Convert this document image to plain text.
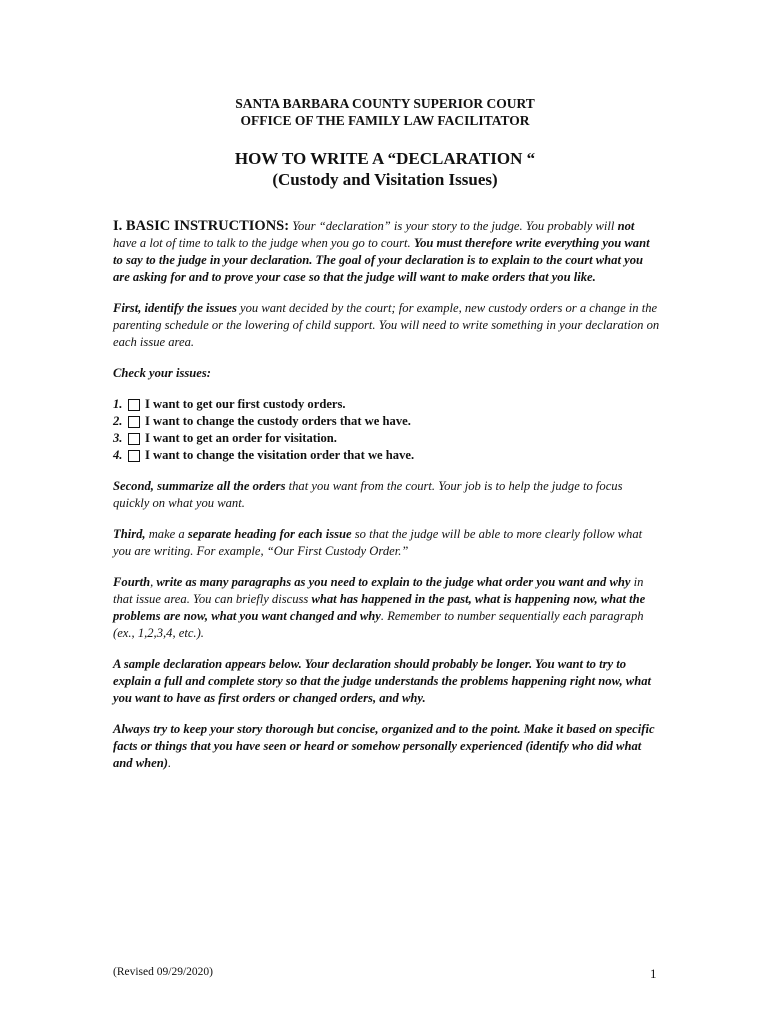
SANTA BARBARA COUNTY SUPERIOR COURT
OFFICE OF THE FAMILY LAW FACILITATOR
HOW TO WRITE A “DECLARATION “
(Custody and Visitation Issues)

I. BASIC INSTRUCTIONS: Your “declaration” is your story to the judge. You probably will not have a lot of time to talk to the judge when you go to court. You must therefore write everything you want to say to the judge in your declaration. The goal of your declaration is to explain to the court what you are asking for and to prove your case so that the judge will want to make orders that you like.

First, identify the issues you want decided by the court; for example, new custody orders or a change in the parenting schedule or the lowering of child support. You will need to write something in your declaration on each issue area.

Check your issues:

1.	I want to get our first custody orders.
2.	I want to change the custody orders that we have.
3.	I want to get an order for visitation.
4.	I want to change the visitation order that we have.

Second, summarize all the orders that you want from the court. Your job is to help the judge to focus quickly on what you want.

Third, make a separate heading for each issue so that the judge will be able to more clearly follow what you are writing. For example, “Our First Custody Order.”

Fourth, write as many paragraphs as you need to explain to the judge what order you want and why in that issue area. You can briefly discuss what has happened in the past, what is happening now, what the problems are now, what you want changed and why. Remember to number sequentially each paragraph (ex., 1,2,3,4, etc.).

A sample declaration appears below. Your declaration should probably be longer. You want to try to explain a full and complete story so that the judge understands the problems happening right now, what you want to have as first orders or changed orders, and why.

Always try to keep your story thorough but concise, organized and to the point. Make it based on specific facts or things that you have seen or heard or somehow personally experienced (identify who did what and when).

(Revised 09/29/2020)	1
